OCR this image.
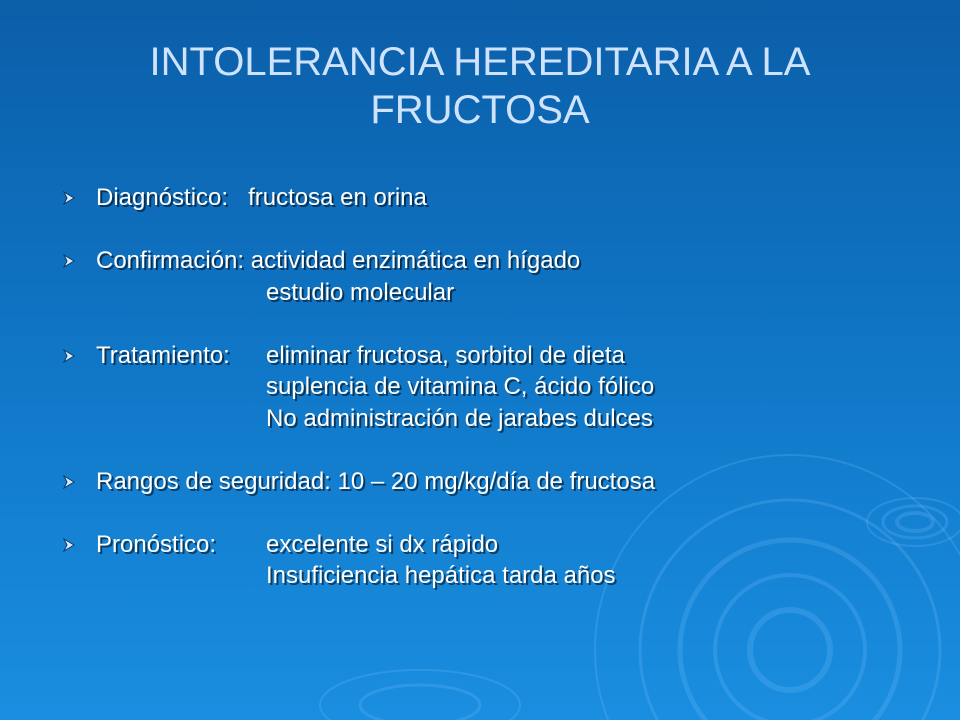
INTOLERANCIA HEREDITARIA A LA FRUCTOSA
Diagnóstico:
fructosa en orina
Confirmación:
actividad enzimática en hígado
estudio molecular
Tratamiento:	eliminar fructosa, sorbitol de dieta
suplencia de vitamina C, ácido fólico
No administración de jarabes dulces
Rangos de seguridad:
10 – 20 mg/kg/día de fructosa
Pronóstico:	excelente si dx rápido
Insuficiencia hepática tarda años
